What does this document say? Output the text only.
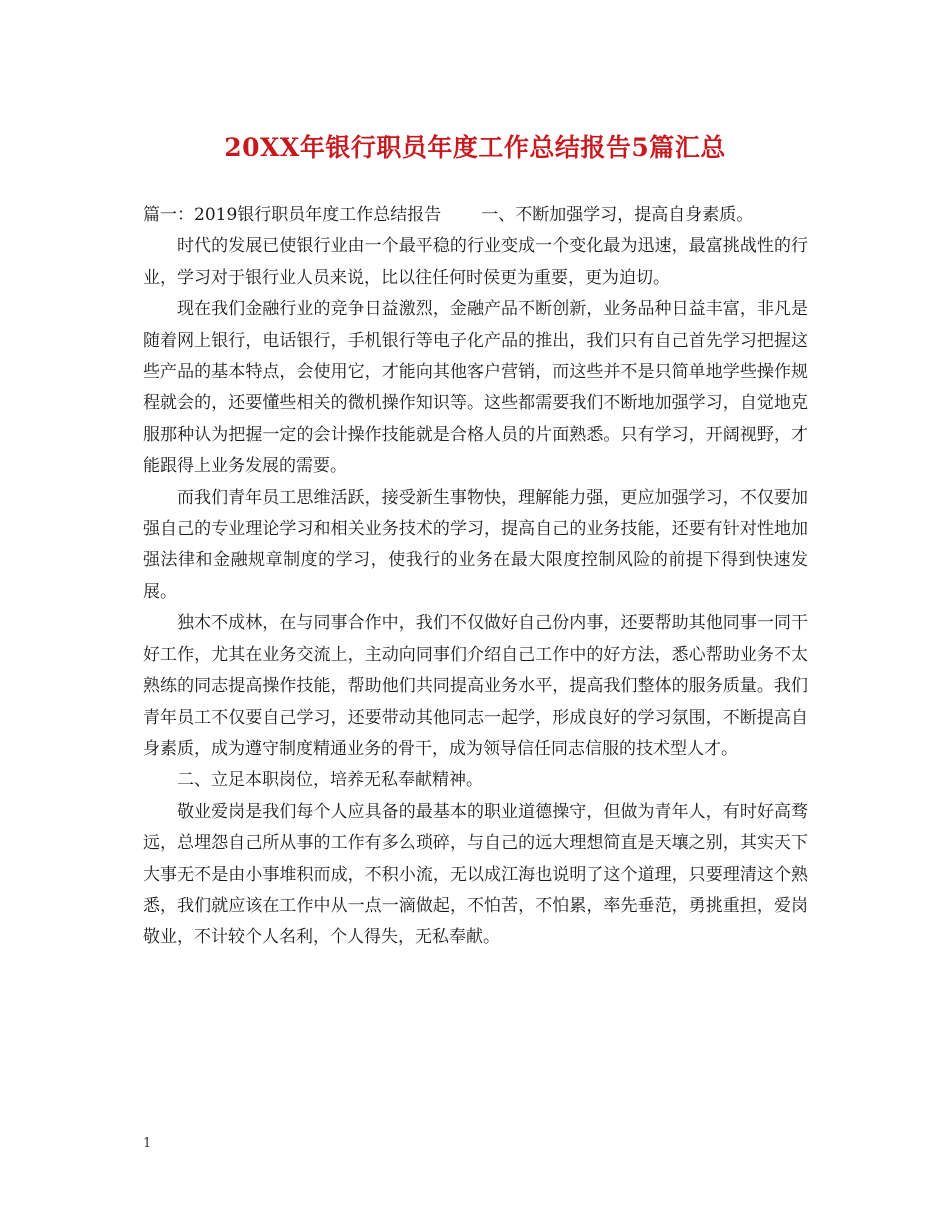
20XX年银行职员年度工作总结报告5篇汇总

篇一：2019银行职员年度工作总结报告 一、不断加强学习，提高自身素质。

时代的发展已使银行业由一个最平稳的行业变成一个变化最为迅速，最富挑战性的行业，学习对于银行业人员来说，比以往任何时侯更为重要，更为迫切。

现在我们金融行业的竞争日益激烈，金融产品不断创新，业务品种日益丰富，非凡是随着网上银行，电话银行，手机银行等电子化产品的推出，我们只有自己首先学习把握这些产品的基本特点，会使用它，才能向其他客户营销，而这些并不是只简单地学些操作规程就会的，还要懂些相关的微机操作知识等。这些都需要我们不断地加强学习，自觉地克服那种认为把握一定的会计操作技能就是合格人员的片面熟悉。只有学习，开阔视野，才能跟得上业务发展的需要。

而我们青年员工思维活跃，接受新生事物快，理解能力强，更应加强学习，不仅要加强自己的专业理论学习和相关业务技术的学习，提高自己的业务技能，还要有针对性地加强法律和金融规章制度的学习，使我行的业务在最大限度控制风险的前提下得到快速发展。

独木不成林，在与同事合作中，我们不仅做好自己份内事，还要帮助其他同事一同干好工作，尤其在业务交流上，主动向同事们介绍自己工作中的好方法，悉心帮助业务不太熟练的同志提高操作技能，帮助他们共同提高业务水平，提高我们整体的服务质量。我们青年员工不仅要自己学习，还要带动其他同志一起学，形成良好的学习氛围，不断提高自身素质，成为遵守制度精通业务的骨干，成为领导信任同志信服的技术型人才。

二、立足本职岗位，培养无私奉献精神。

敬业爱岗是我们每个人应具备的最基本的职业道德操守，但做为青年人，有时好高骛远，总埋怨自己所从事的工作有多么琐碎，与自己的远大理想简直是天壤之别，其实天下大事无不是由小事堆积而成，不积小流，无以成江海也说明了这个道理，只要理清这个熟悉，我们就应该在工作中从一点一滴做起，不怕苦，不怕累，率先垂范，勇挑重担，爱岗敬业，不计较个人名利，个人得失，无私奉献。

1
